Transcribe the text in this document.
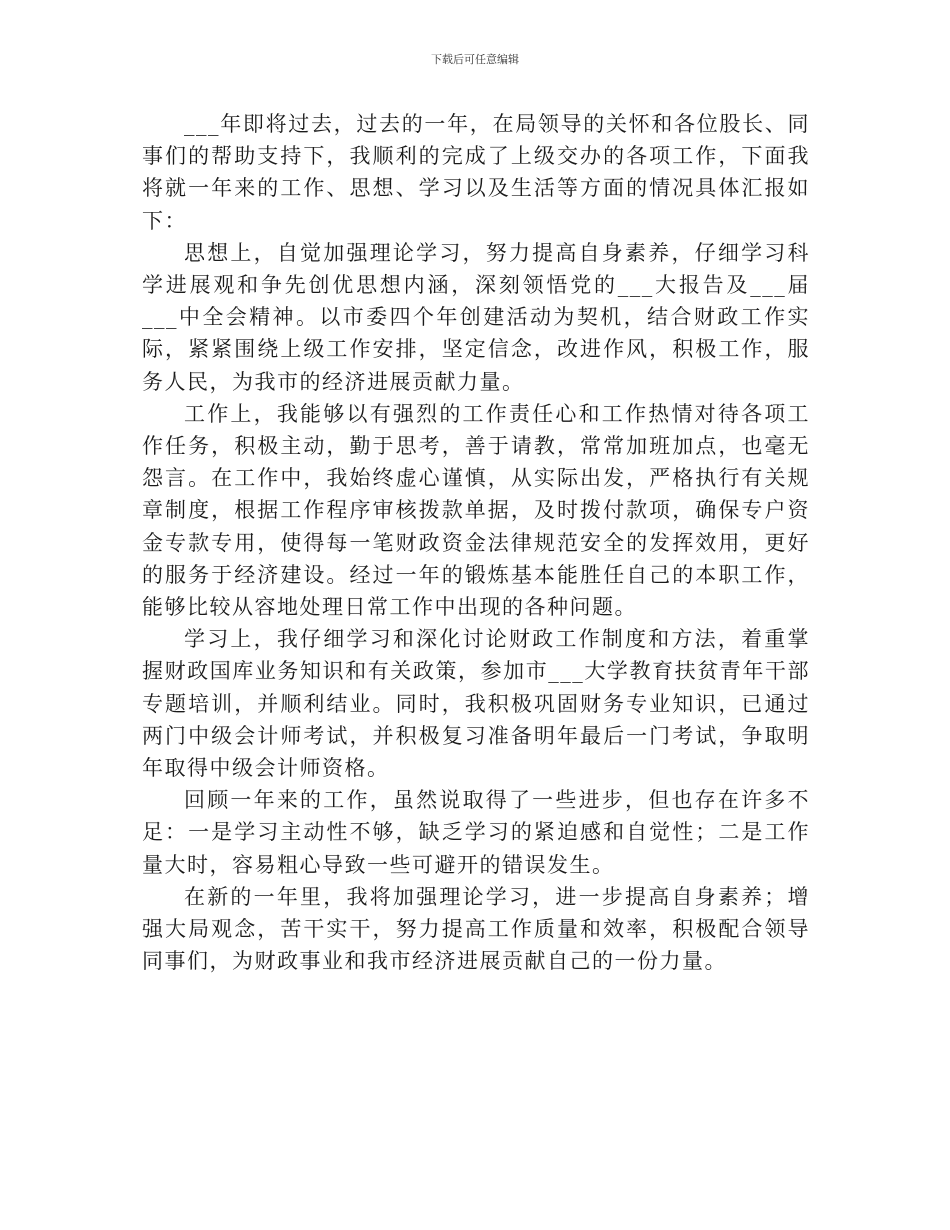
下载后可任意编辑

___年即将过去，过去的一年，在局领导的关怀和各位股长、同事们的帮助支持下，我顺利的完成了上级交办的各项工作，下面我将就一年来的工作、思想、学习以及生活等方面的情况具体汇报如下：

思想上，自觉加强理论学习，努力提高自身素养，仔细学习科学进展观和争先创优思想内涵，深刻领悟党的___大报告及___届___中全会精神。以市委四个年创建活动为契机，结合财政工作实际，紧紧围绕上级工作安排，坚定信念，改进作风，积极工作，服务人民，为我市的经济进展贡献力量。

工作上，我能够以有强烈的工作责任心和工作热情对待各项工作任务，积极主动，勤于思考，善于请教，常常加班加点，也毫无怨言。在工作中，我始终虚心谨慎，从实际出发，严格执行有关规章制度，根据工作程序审核拨款单据，及时拨付款项，确保专户资金专款专用，使得每一笔财政资金法律规范安全的发挥效用，更好的服务于经济建设。经过一年的锻炼基本能胜任自己的本职工作，能够比较从容地处理日常工作中出现的各种问题。

学习上，我仔细学习和深化讨论财政工作制度和方法，着重掌握财政国库业务知识和有关政策，参加市___大学教育扶贫青年干部专题培训，并顺利结业。同时，我积极巩固财务专业知识，已通过两门中级会计师考试，并积极复习准备明年最后一门考试，争取明年取得中级会计师资格。

回顾一年来的工作，虽然说取得了一些进步，但也存在许多不足：一是学习主动性不够，缺乏学习的紧迫感和自觉性；二是工作量大时，容易粗心导致一些可避开的错误发生。

在新的一年里，我将加强理论学习，进一步提高自身素养；增强大局观念，苦干实干，努力提高工作质量和效率，积极配合领导同事们，为财政事业和我市经济进展贡献自己的一份力量。
